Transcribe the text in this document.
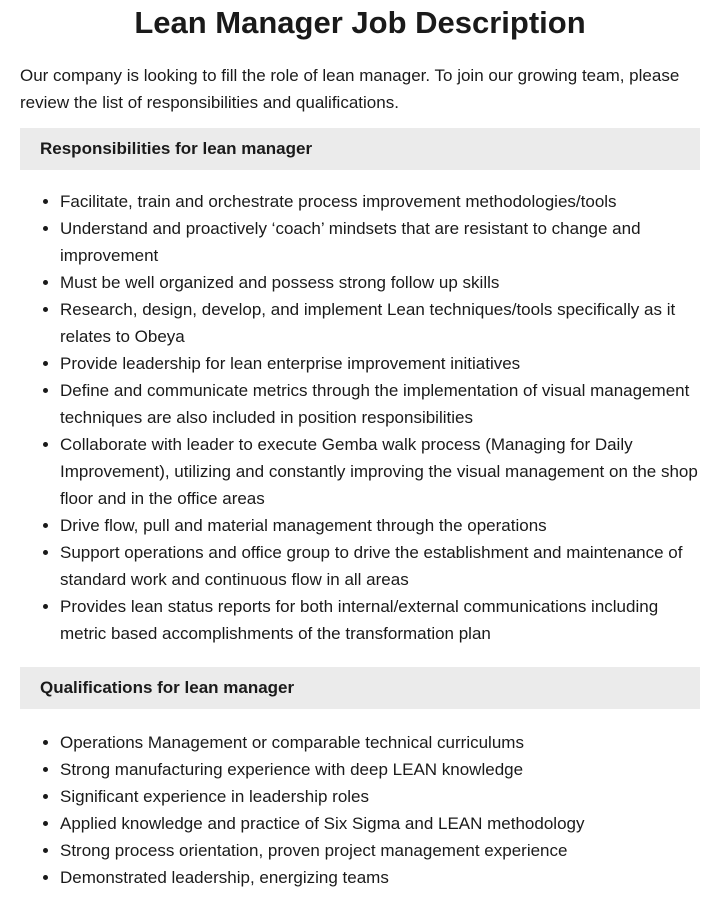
Lean Manager Job Description

Our company is looking to fill the role of lean manager. To join our growing team, please review the list of responsibilities and qualifications.

Responsibilities for lean manager
• Facilitate, train and orchestrate process improvement methodologies/tools
• Understand and proactively ‘coach’ mindsets that are resistant to change and improvement
• Must be well organized and possess strong follow up skills
• Research, design, develop, and implement Lean techniques/tools specifically as it relates to Obeya
• Provide leadership for lean enterprise improvement initiatives
• Define and communicate metrics through the implementation of visual management techniques are also included in position responsibilities
• Collaborate with leader to execute Gemba walk process (Managing for Daily Improvement), utilizing and constantly improving the visual management on the shop floor and in the office areas
• Drive flow, pull and material management through the operations
• Support operations and office group to drive the establishment and maintenance of standard work and continuous flow in all areas
• Provides lean status reports for both internal/external communications including metric based accomplishments of the transformation plan
Qualifications for lean manager
• Operations Management or comparable technical curriculums
• Strong manufacturing experience with deep LEAN knowledge
• Significant experience in leadership roles
• Applied knowledge and practice of Six Sigma and LEAN methodology
• Strong process orientation, proven project management experience
• Demonstrated leadership, energizing teams
